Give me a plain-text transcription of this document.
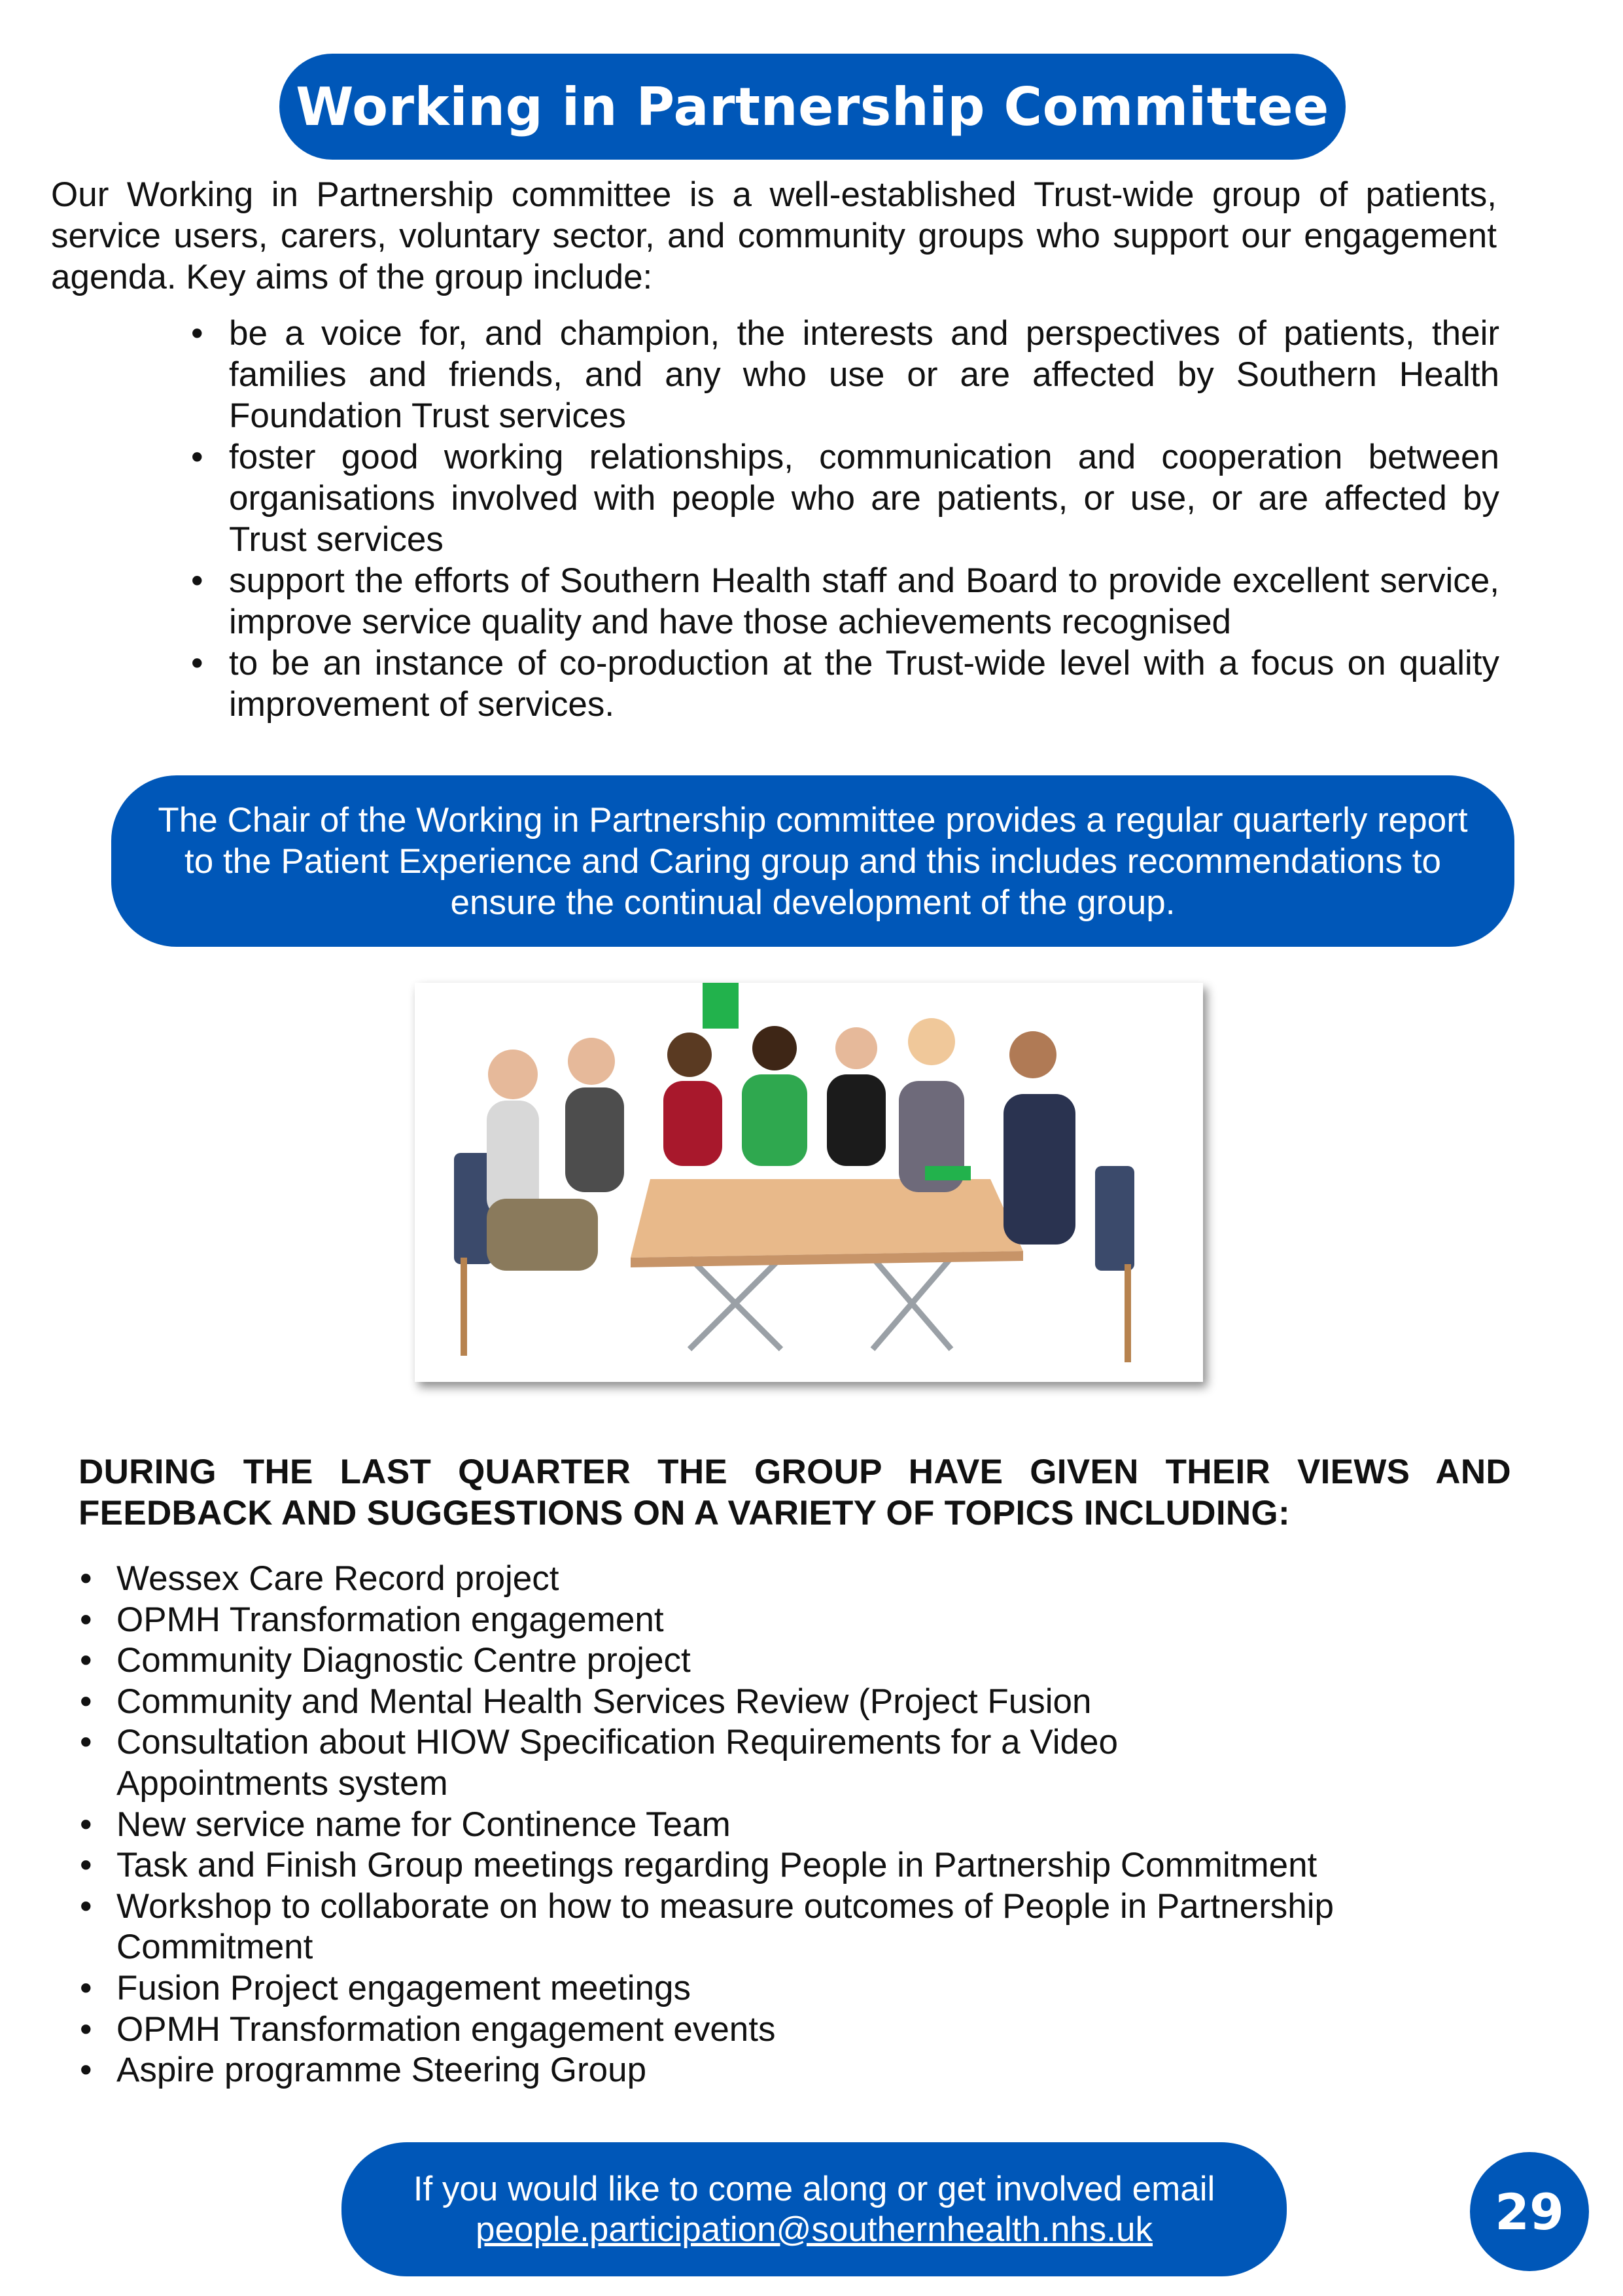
Working in Partnership Committee

Our Working in Partnership committee is a well-established Trust-wide group of patients, service users, carers, voluntary sector, and community groups who support our engagement agenda. Key aims of the group include:

• be a voice for, and champion, the interests and perspectives of patients, their families and friends, and any who use or are affected by Southern Health Foundation Trust services
• foster good working relationships, communication and cooperation between organisations involved with people who are patients, or use, or are affected by Trust services
• support the efforts of Southern Health staff and Board to provide excellent service, improve service quality and have those achievements recognised
• to be an instance of co-production at the Trust-wide level with a focus on quality improvement of services.

The Chair of the Working in Partnership committee provides a regular quarterly report to the Patient Experience and Caring group and this includes recommendations to ensure the continual development of the group.

DURING THE LAST QUARTER THE GROUP HAVE GIVEN THEIR VIEWS AND FEEDBACK AND SUGGESTIONS ON A VARIETY OF TOPICS INCLUDING:

• Wessex Care Record project
• OPMH Transformation engagement
• Community Diagnostic Centre project
• Community and Mental Health Services Review (Project Fusion
• Consultation about HIOW Specification Requirements for a Video Appointments system
• New service name for Continence Team
• Task and Finish Group meetings regarding People in Partnership Commitment
• Workshop to collaborate on how to measure outcomes of People in Partnership Commitment
• Fusion Project engagement meetings
• OPMH Transformation engagement events
• Aspire programme Steering Group
If you would like to come along or get involved email
people.participation@southernhealth.nhs.uk	29
